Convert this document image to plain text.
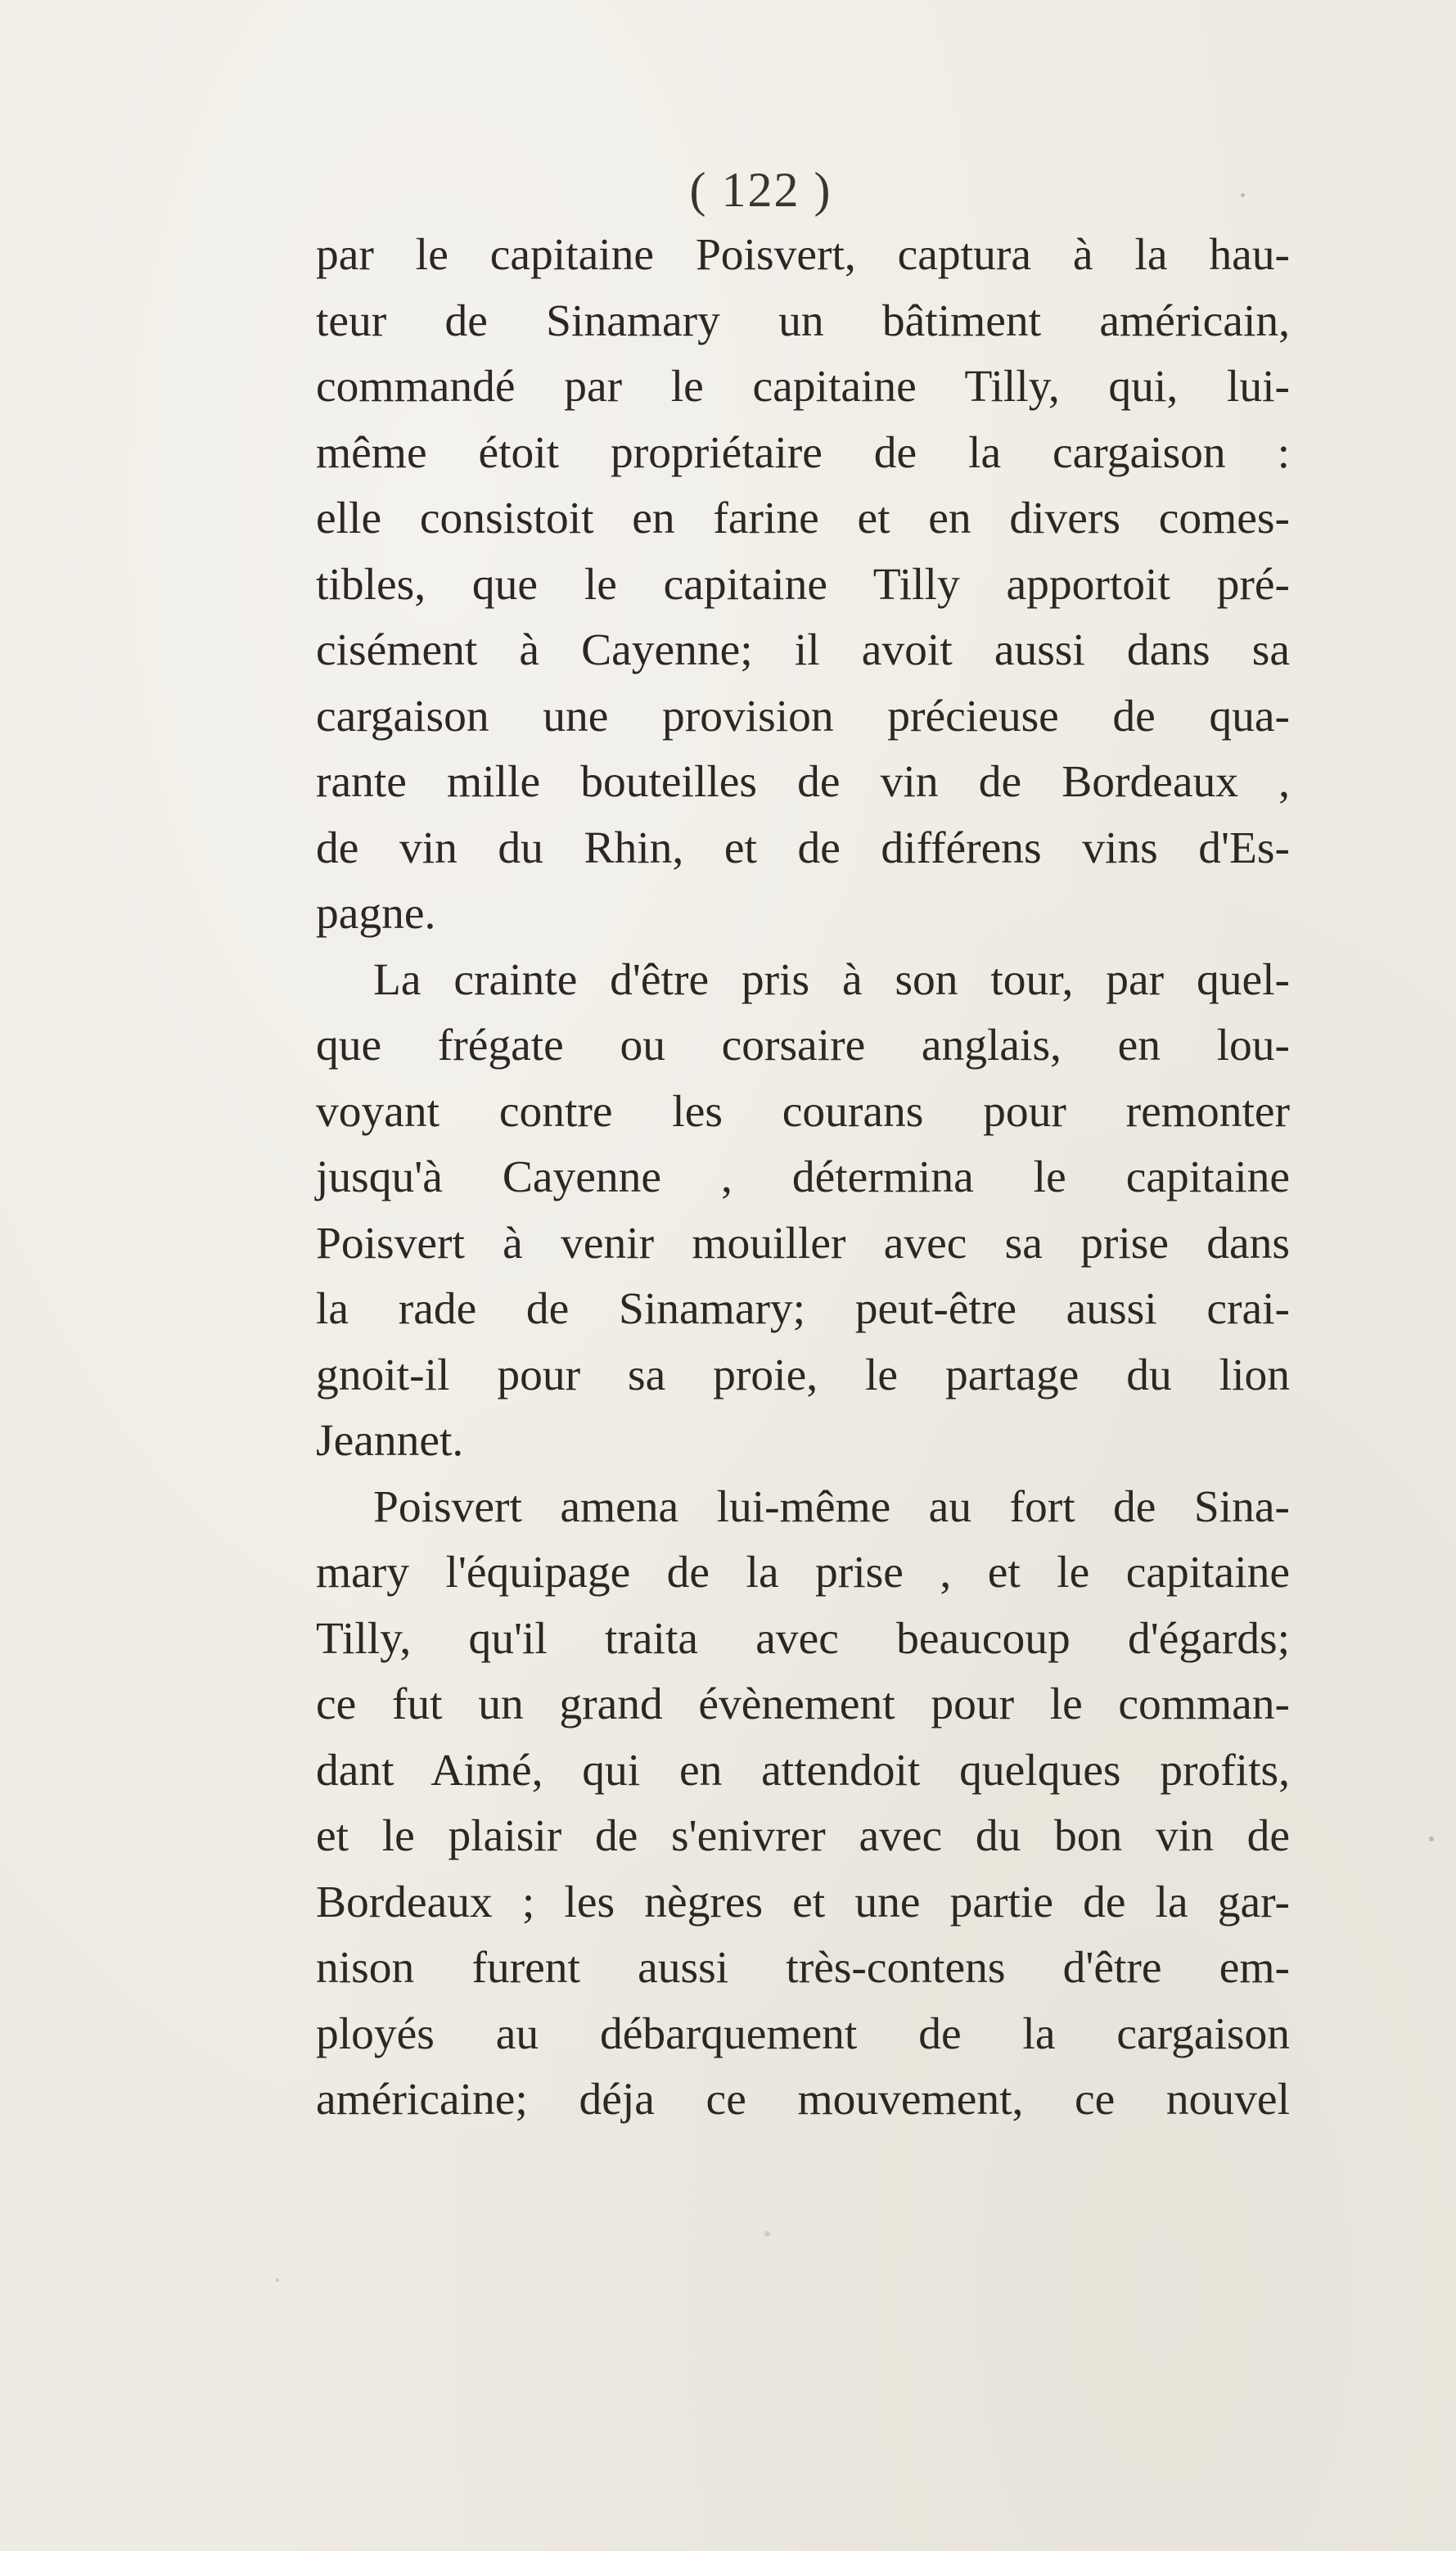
( 122 )
par le capitaine Poisvert, captura à la hau-
teur de Sinamary un bâtiment américain,
commandé par le capitaine Tilly, qui, lui-
même étoit propriétaire de la cargaison :
elle consistoit en farine et en divers comes-
tibles, que le capitaine Tilly apportoit pré-
cisément à Cayenne; il avoit aussi dans sa
cargaison une provision précieuse de qua-
rante mille bouteilles de vin de Bordeaux ,
de vin du Rhin, et de différens vins d'Es-
pagne.
La crainte d'être pris à son tour, par quel-
que frégate ou corsaire anglais, en lou-
voyant contre les courans pour remonter
jusqu'à Cayenne , détermina le capitaine
Poisvert à venir mouiller avec sa prise dans
la rade de Sinamary; peut-être aussi crai-
gnoit-il pour sa proie, le partage du lion
Jeannet.
Poisvert amena lui-même au fort de Sina-
mary l'équipage de la prise , et le capitaine
Tilly, qu'il traita avec beaucoup d'égards;
ce fut un grand évènement pour le comman-
dant Aimé, qui en attendoit quelques profits,
et le plaisir de s'enivrer avec du bon vin de
Bordeaux ; les nègres et une partie de la gar-
nison furent aussi très-contens d'être em-
ployés au débarquement de la cargaison
américaine; déja ce mouvement, ce nouvel
